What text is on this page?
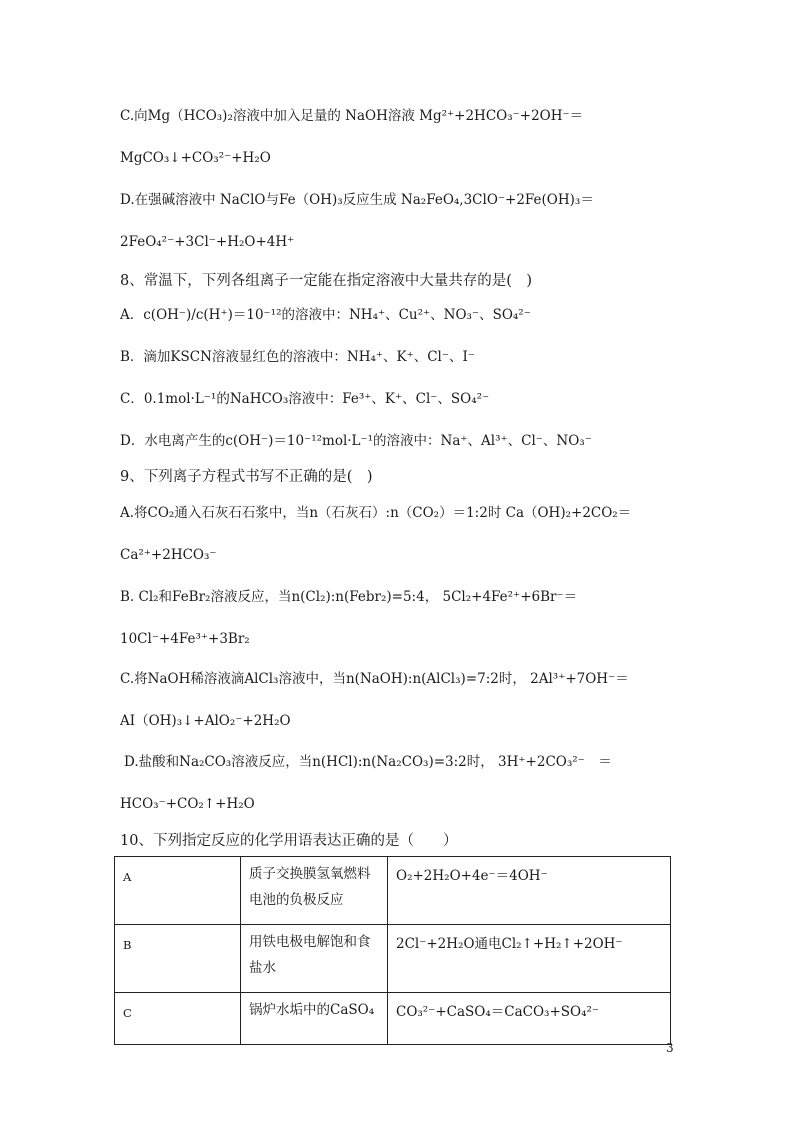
C.向Mg（HCO₃)₂溶液中加入足量的 NaOH溶液 Mg²⁺+2HCO₃⁻+2OH⁻＝
MgCO₃↓+CO₃²⁻+H₂O
D.在强碱溶液中 NaClO与Fe（OH)₃反应生成 Na₂FeO₄,3ClO⁻+2Fe(OH)₃＝
2FeO₄²⁻+3Cl⁻+H₂O+4H⁺
8、常温下，下列各组离子一定能在指定溶液中大量共存的是(　)
A．c(OH⁻)/c(H⁺)＝10⁻¹²的溶液中：NH₄⁺、Cu²⁺、NO₃⁻、SO₄²⁻
B．滴加KSCN溶液显红色的溶液中：NH₄⁺、K⁺、Cl⁻、I⁻
C．0.1mol·L⁻¹的NaHCO₃溶液中：Fe³⁺、K⁺、Cl⁻、SO₄²⁻
D．水电离产生的c(OH⁻)＝10⁻¹²mol·L⁻¹的溶液中：Na⁺、Al³⁺、Cl⁻、NO₃⁻
9、下列离子方程式书写不正确的是(　)
A.将CO₂通入石灰石石浆中，当n（石灰石）:n（CO₂）＝1:2时 Ca（OH)₂+2CO₂＝
Ca²⁺+2HCO₃⁻
B. Cl₂和FeBr₂溶液反应，当n(Cl₂):n(Febr₂)=5:4， 5Cl₂+4Fe²⁺+6Br⁻＝
10Cl⁻+4Fe³⁺+3Br₂
C.将NaOH稀溶液滴AlCl₃溶液中，当n(NaOH):n(AlCl₃)=7:2时， 2Al³⁺+7OH⁻＝
AI（OH)₃↓+AlO₂⁻+2H₂O
D.盐酸和Na₂CO₃溶液反应，当n(HCl):n(Na₂CO₃)=3:2时， 3H⁺+2CO₃²⁻　＝
HCO₃⁻+CO₂↑+H₂O
10、下列指定反应的化学用语表达正确的是（　　）
A	质子交换膜氢氧燃料电池的负极反应	O₂+2H₂O+4e⁻＝4OH⁻
B	用铁电极电解饱和食盐水	2Cl⁻+2H₂O通电Cl₂↑+H₂↑+2OH⁻
C	锅炉水垢中的CaSO₄	CO₃²⁻+CaSO₄＝CaCO₃+SO₄²⁻
3
